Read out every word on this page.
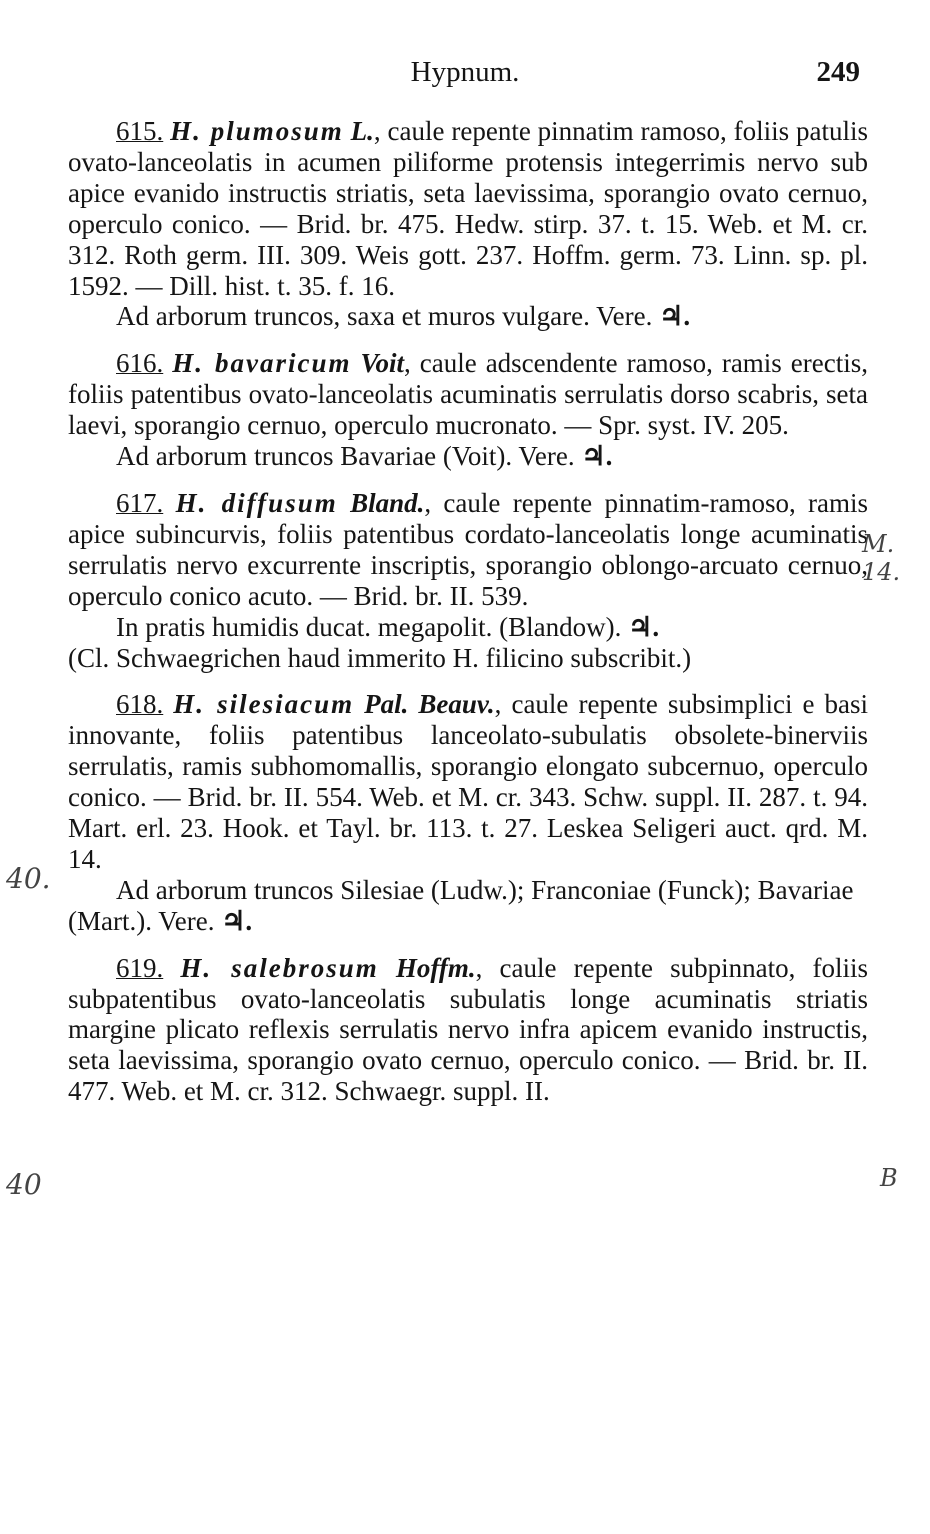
Hypnum.	249

615. H. plumosum L., caule repente pinnatim ramoso, foliis patulis ovato-lanceolatis in acumen piliforme protensis integerrimis nervo sub apice evanido instructis striatis, seta laevissima, sporangio ovato cernuo, operculo conico. — Brid. br. 475. Hedw. stirp. 37. t. 15. Web. et M. cr. 312. Roth germ. III. 309. Weis gott. 237. Hoffm. germ. 73. Linn. sp. pl. 1592. — Dill. hist. t. 35. f. 16.

Ad arborum truncos, saxa et muros vulgare. Vere. ♃.

616. H. bavaricum Voit, caule adscendente ramoso, ramis erectis, foliis patentibus ovato-lanceolatis acuminatis serrulatis dorso scabris, seta laevi, sporangio cernuo, operculo mucronato. — Spr. syst. IV. 205.

Ad arborum truncos Bavariae (Voit). Vere. ♃.

617. H. diffusum Bland., caule repente pinnatim-ramoso, ramis apice subincurvis, foliis patentibus cordato-lanceolatis longe acuminatis serrulatis nervo excurrente inscriptis, sporangio oblongo-arcuato cernuo, operculo conico acuto. — Brid. br. II. 539.

In pratis humidis ducat. megapolit. (Blandow). ♃.

(Cl. Schwaegrichen haud immerito H. filicino subscribit.)

618. H. silesiacum Pal. Beauv., caule repente subsimplici e basi innovante, foliis patentibus lanceolato-subulatis obsolete-binerviis serrulatis, ramis subhomomallis, sporangio elongato subcernuo, operculo conico. — Brid. br. II. 554. Web. et M. cr. 343. Schw. suppl. II. 287. t. 94. Mart. erl. 23. Hook. et Tayl. br. 113. t. 27. Leskea Seligeri auct. qrd. M. 14.

Ad arborum truncos Silesiae (Ludw.); Franconiae (Funck); Bavariae (Mart.). Vere. ♃.

619. H. salebrosum Hoffm., caule repente subpinnato, foliis subpatentibus ovato-lanceolatis subulatis longe acuminatis striatis margine plicato reflexis serrulatis nervo infra apicem evanido instructis, seta laevissima, sporangio ovato cernuo, operculo conico. — Brid. br. II. 477. Web. et M. cr. 312. Schwaegr. suppl. II.

40.
40
M. 14.
B
